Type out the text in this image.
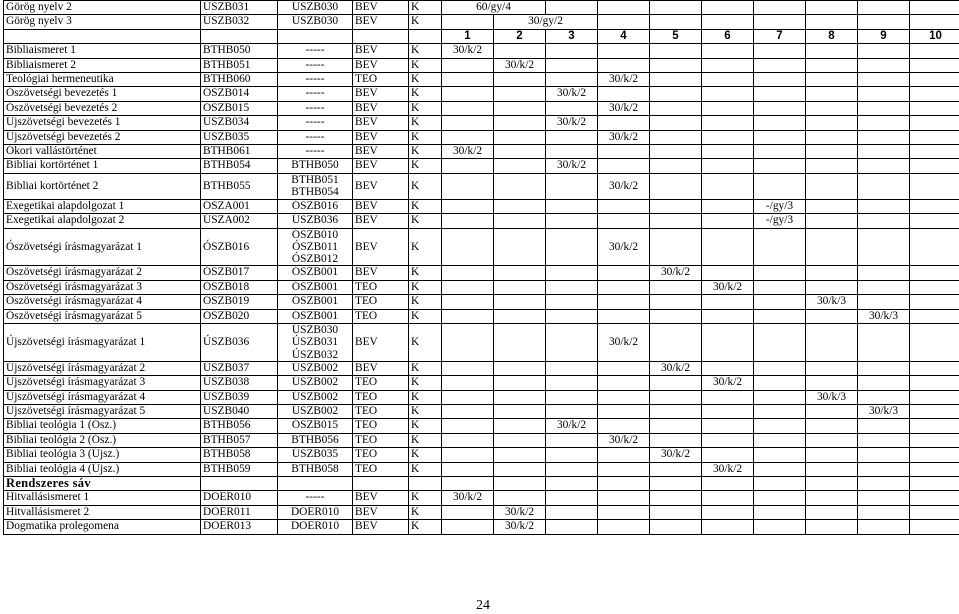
Görög nyelv 2	ÚSZB031	ÚSZB030	BEV	K	60/gy/4									
Görög nyelv 3	ÚSZB032	ÚSZB030	BEV	K		30/gy/2								
					1	2	3	4	5	6	7	8	9	10
Bibliaismeret 1	BTHB050	-----	BEV	K	30/k/2									
Bibliaismeret 2	BTHB051	-----	BEV	K		30/k/2								
Teológiai hermeneutika	BTHB060	-----	TEO	K				30/k/2						
Ószövetségi bevezetés 1	ÓSZB014	-----	BEV	K			30/k/2							
Ószövetségi bevezetés 2	ÓSZB015	-----	BEV	K				30/k/2						
Újszövetségi bevezetés 1	ÚSZB034	-----	BEV	K			30/k/2							
Újszövetségi bevezetés 2	ÚSZB035	-----	BEV	K				30/k/2						
Ókori vallástörténet	BTHB061	-----	BEV	K	30/k/2									
Bibliai kortörténet 1	BTHB054	BTHB050	BEV	K			30/k/2							
Bibliai kortörténet 2	BTHB055	BTHB051
BTHB054	BEV	K				30/k/2						
Exegetikai alapdolgozat 1	ÓSZA001	ÓSZB016	BEV	K							-/gy/3			
Exegetikai alapdolgozat 2	ÚSZA002	ÚSZB036	BEV	K							-/gy/3			
Ószövetségi írásmagyarázat 1	ÓSZB016	ÓSZB010
ÓSZB011
ÓSZB012	BEV	K				30/k/2						
Ószövetségi írásmagyarázat 2	ÓSZB017	ÓSZB001	BEV	K					30/k/2					
Ószövetségi írásmagyarázat 3	ÓSZB018	ÓSZB001	TEO	K						30/k/2				
Ószövetségi írásmagyarázat 4	ÓSZB019	ÓSZB001	TEO	K								30/k/3		
Ószövetségi írásmagyarázat 5	ÓSZB020	ÓSZB001	TEO	K									30/k/3	
Újszövetségi írásmagyarázat 1	ÚSZB036	ÚSZB030
ÚSZB031
ÚSZB032	BEV	K				30/k/2						
Újszövetségi írásmagyarázat 2	ÚSZB037	ÚSZB002	BEV	K					30/k/2					
Újszövetségi írásmagyarázat 3	ÚSZB038	ÚSZB002	TEO	K						30/k/2				
Újszövetségi írásmagyarázat 4	ÚSZB039	ÚSZB002	TEO	K								30/k/3		
Újszövetségi írásmagyarázat 5	ÚSZB040	ÚSZB002	TEO	K									30/k/3	
Bibliai teológia 1 (Ósz.)	BTHB056	ÓSZB015	TEO	K			30/k/2							
Bibliai teológia 2 (Ósz.)	BTHB057	BTHB056	TEO	K				30/k/2						
Bibliai teológia 3 (Újsz.)	BTHB058	ÚSZB035	TEO	K					30/k/2					
Bibliai teológia 4 (Újsz.)	BTHB059	BTHB058	TEO	K						30/k/2				
Rendszeres sáv														
Hitvallásismeret 1	DOER010	-----	BEV	K	30/k/2									
Hitvallásismeret 2	DOER011	DOER010	BEV	K		30/k/2								
Dogmatika prolegomena	DOER013	DOER010	BEV	K		30/k/2								
24
